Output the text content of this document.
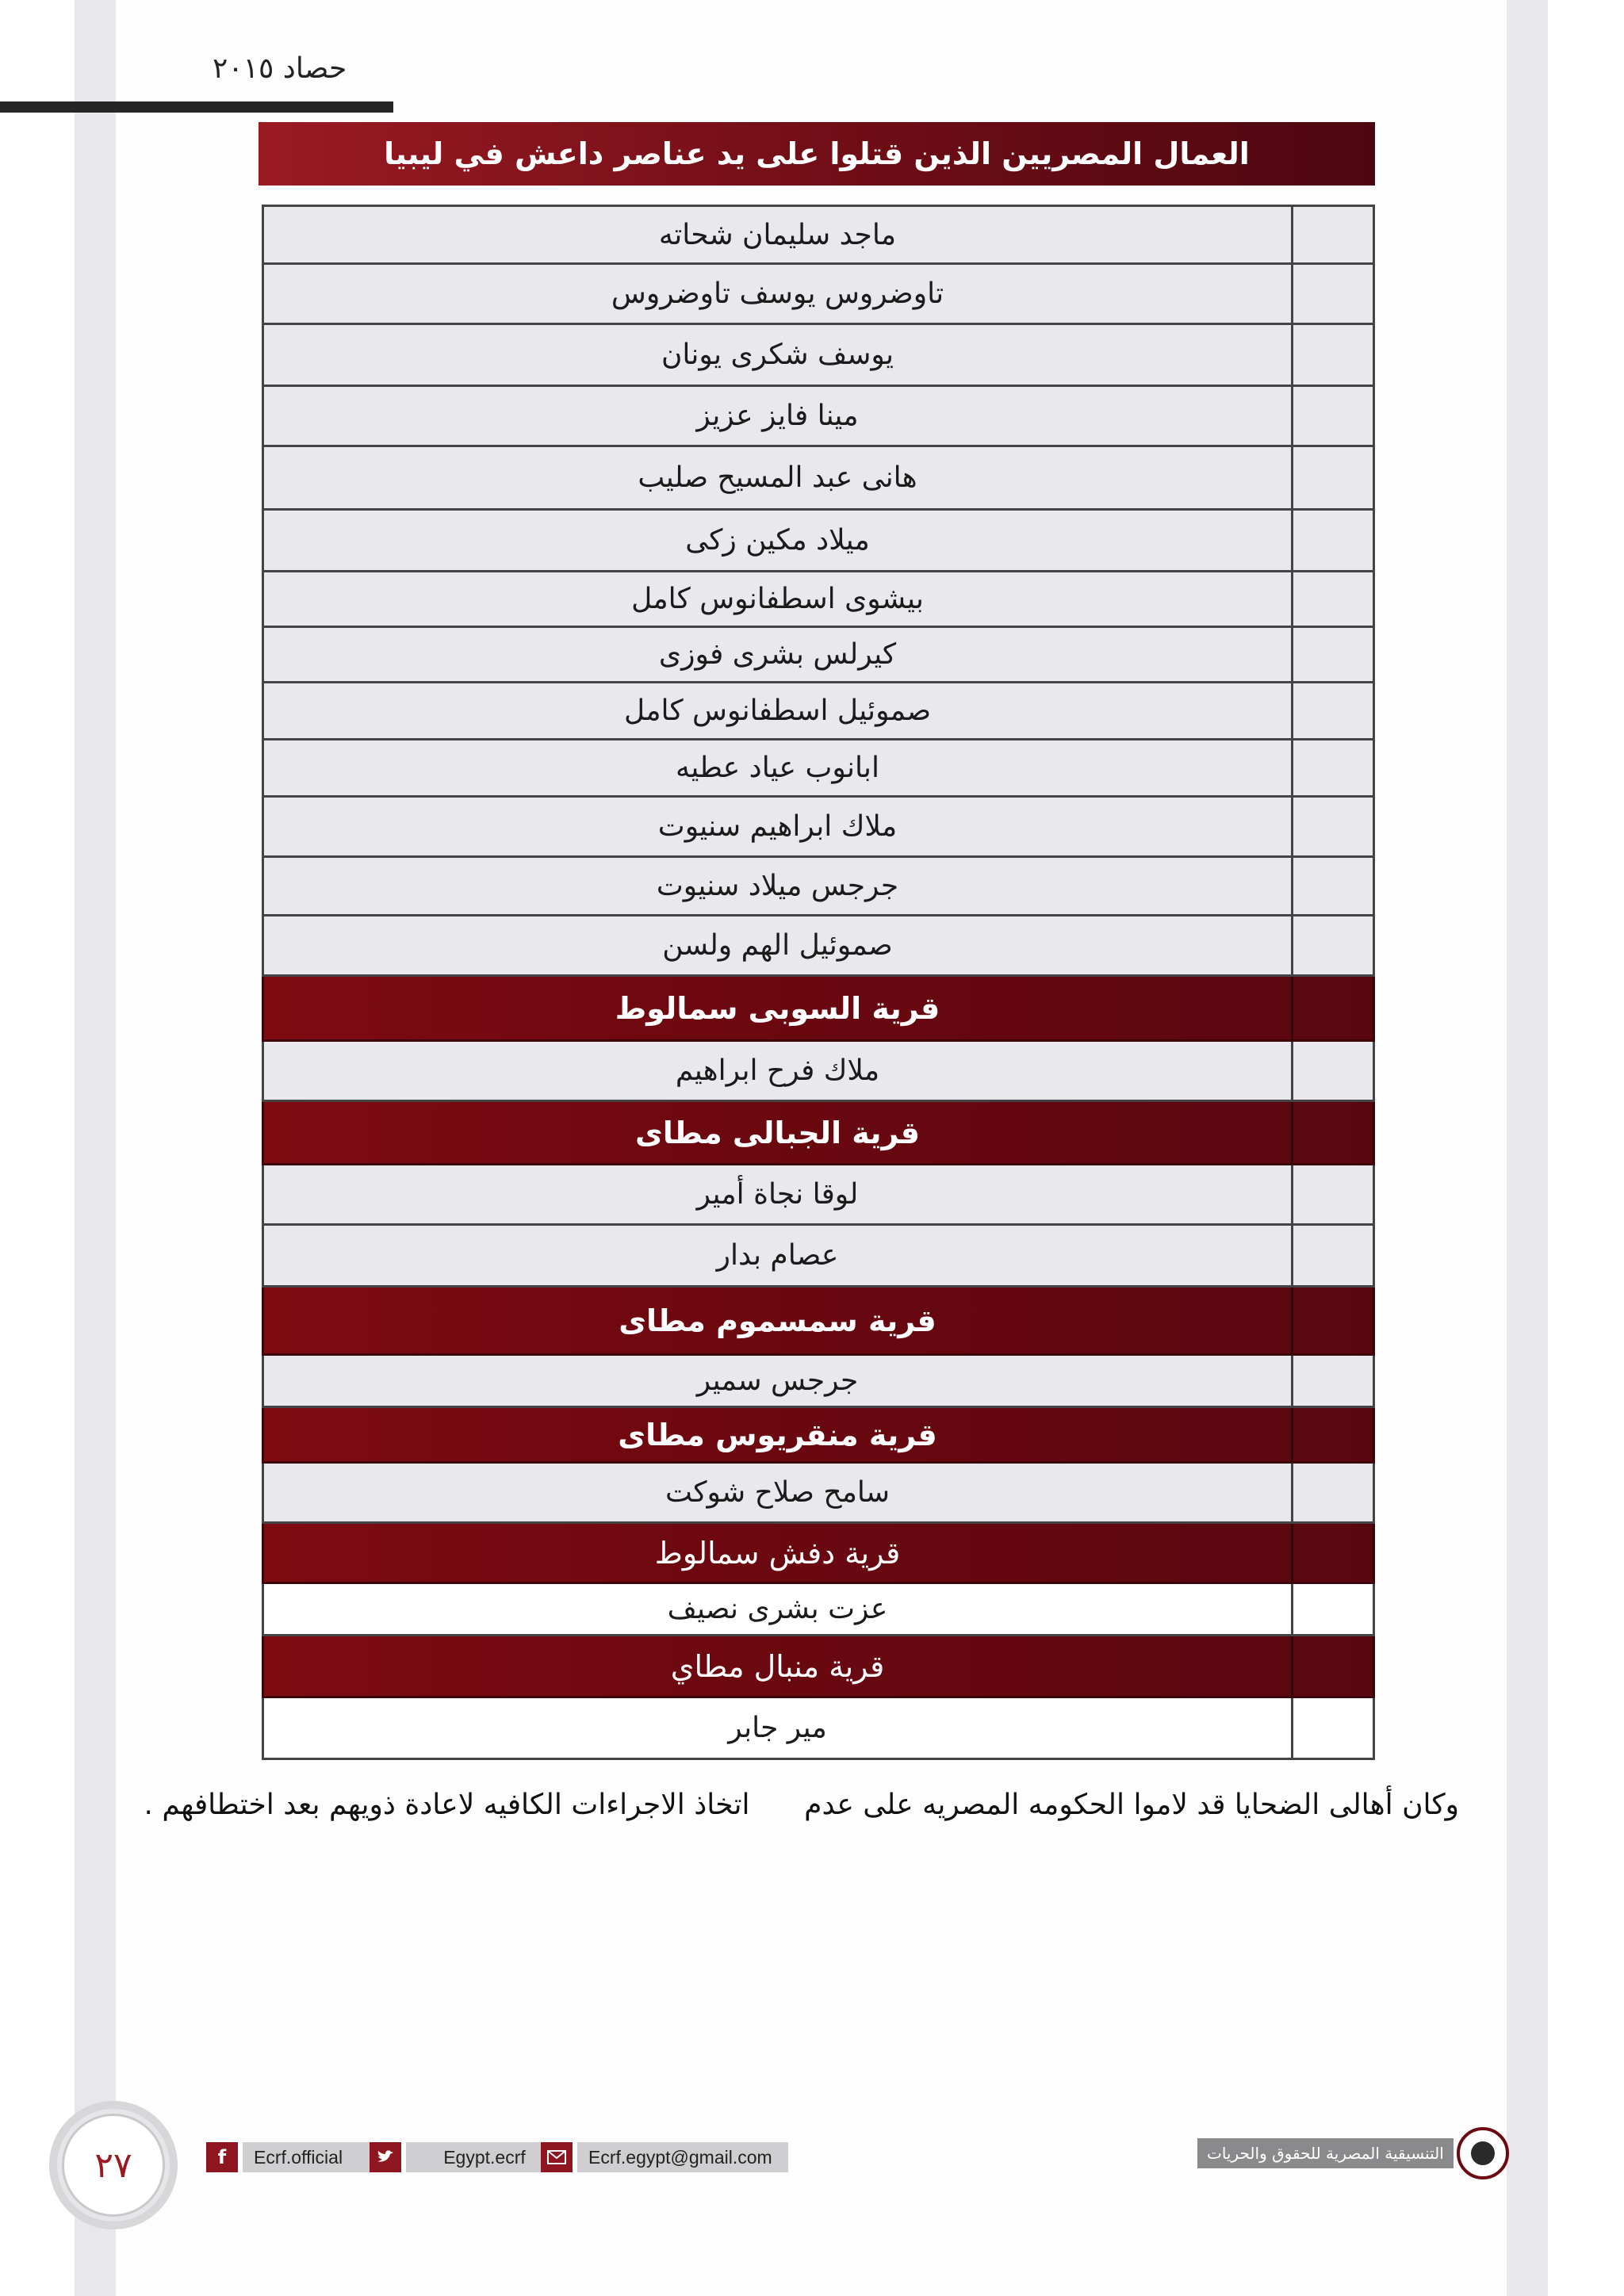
حصاد ٢٠١٥
العمال المصريين الذين قتلوا على يد عناصر داعش في ليبيا
ماجد سليمان شحاته
تاوضروس يوسف تاوضروس
يوسف شكرى يونان
مينا فايز عزيز
هانى عبد المسيح صليب
ميلاد مكين زكى
بيشوى اسطفانوس كامل
كيرلس بشرى فوزى
صموئيل اسطفانوس كامل
ابانوب عياد عطيه
ملاك ابراهيم سنيوت
جرجس ميلاد سنيوت
صموئيل الهم ولسن
قرية السوبى سمالوط
ملاك فرح ابراهيم
قرية الجبالى مطاى
لوقا نجاة أمير
عصام بدار
قرية سمسموم مطاى
جرجس سمير
قرية منقريوس مطاى
سامح صلاح شوكت
قرية دفش سمالوط
عزت بشرى نصيف
قرية منبال مطاي
مير جابر
وكان أهالى الضحايا قد لاموا الحكومه المصريه على عدم      اتخاذ الاجراءات الكافيه لاعادة ذويهم بعد اختطافهم .
٢٧	f	Ecrf.official	Egypt.ecrf	Ecrf.egypt@gmail.com	التنسيقية المصرية للحقوق والحريات
